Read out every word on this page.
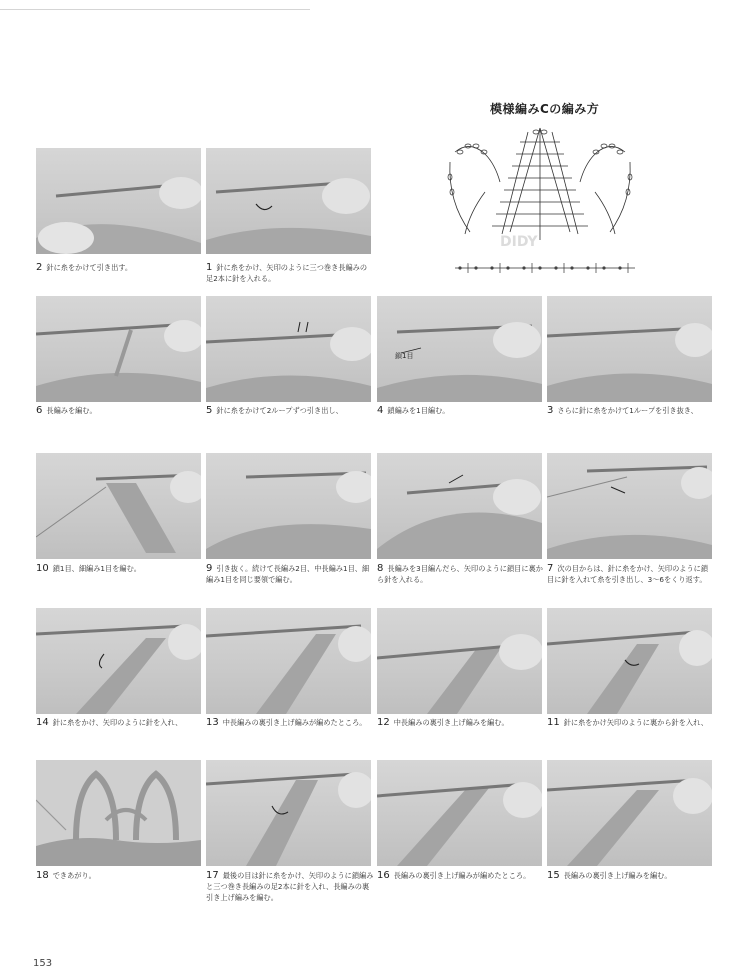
模様編みCの編み方
DIDY
2 針に糸をかけて引き出す。	1 針に糸をかけ、矢印のように三つ巻き長編みの足2本に針を入れる。
鎖1目
6 長編みを編む。	5 針に糸をかけて2ループずつ引き出し、	4 鎖編みを1目編む。	3 さらに針に糸をかけて1ループを引き抜き、
10 鎖1目、細編み1目を編む。	9 引き抜く。続けて長編み2目、中長編み1目、細編み1目を同じ要領で編む。
8 長編みを3目編んだら、矢印のように鎖目に裏から針を入れる。
7 次の目からは、針に糸をかけ、矢印のように鎖目に針を入れて糸を引き出し、3～6をくり返す。
14 針に糸をかけ、矢印のように針を入れ、	13 中長編みの裏引き上げ編みが編めたところ。	12 中長編みの裏引き上げ編みを編む。	11 針に糸をかけ矢印のように裏から針を入れ、
18 できあがり。	17 最後の目は針に糸をかけ、矢印のように鎖編みと三つ巻き長編みの足2本に針を入れ、長編みの裏引き上げ編みを編む。
16 長編みの裏引き上げ編みが編めたところ。	15 長編みの裏引き上げ編みを編む。
153
